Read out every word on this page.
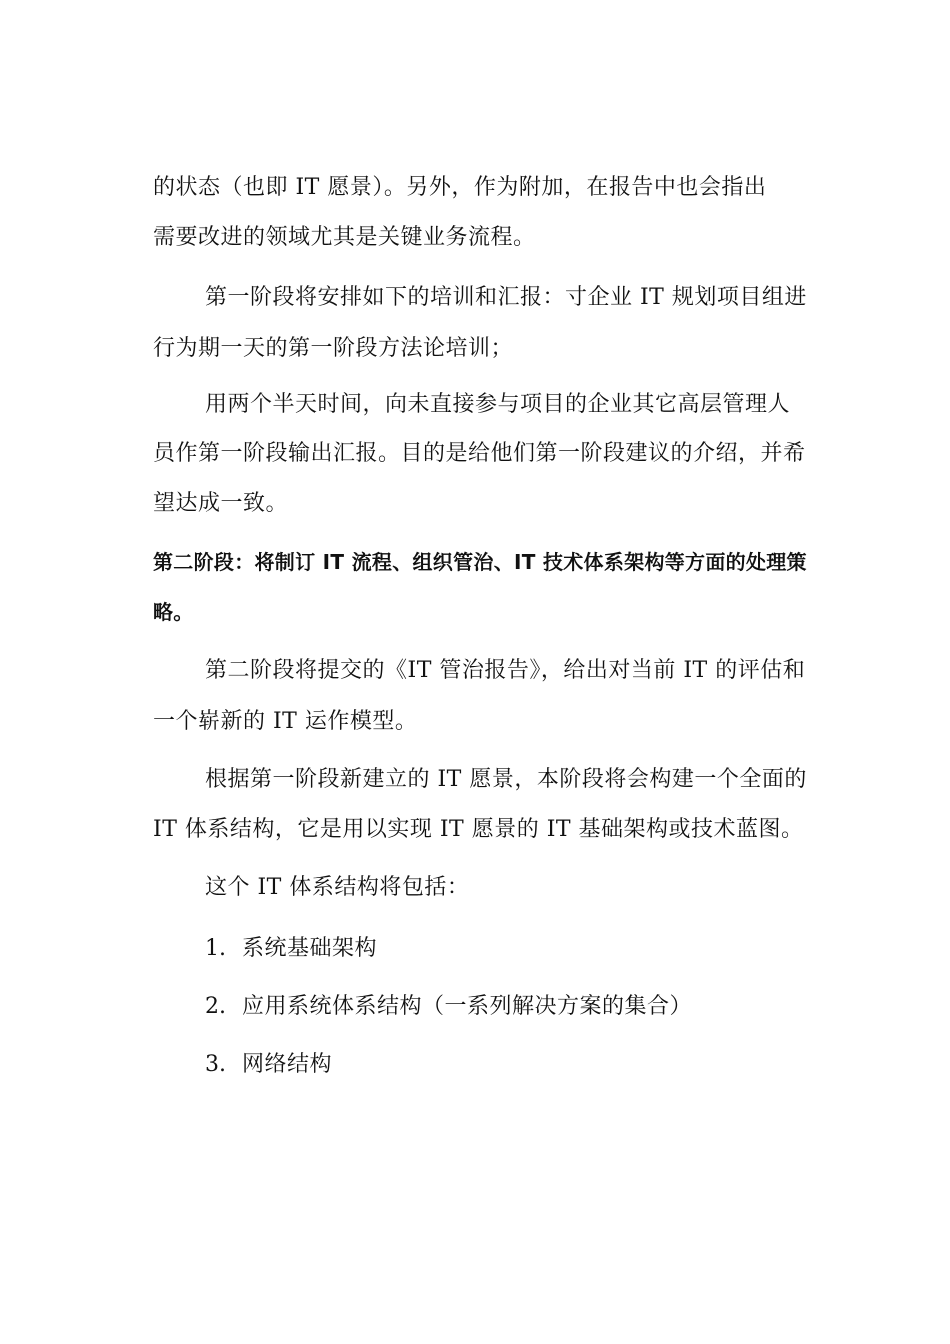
的状态（也即 IT 愿景）。另外，作为附加，在报告中也会指出
需要改进的领域尤其是关键业务流程。
第一阶段将安排如下的培训和汇报：寸企业 IT 规划项目组进
行为期一天的第一阶段方法论培训；
用两个半天时间，向未直接参与项目的企业其它高层管理人
员作第一阶段输出汇报。目的是给他们第一阶段建议的介绍，并希
望达成一致。
第二阶段：将制订 IT 流程、组织管治、IT 技术体系架构等方面的处理策
略。
第二阶段将提交的《IT 管治报告》，给出对当前 IT 的评估和
一个崭新的 IT 运作模型。
根据第一阶段新建立的 IT 愿景，本阶段将会构建一个全面的
IT 体系结构，它是用以实现 IT 愿景的 IT 基础架构或技术蓝图。
这个 IT 体系结构将包括：
1. 系统基础架构
2. 应用系统体系结构（一系列解决方案的集合）
3. 网络结构
